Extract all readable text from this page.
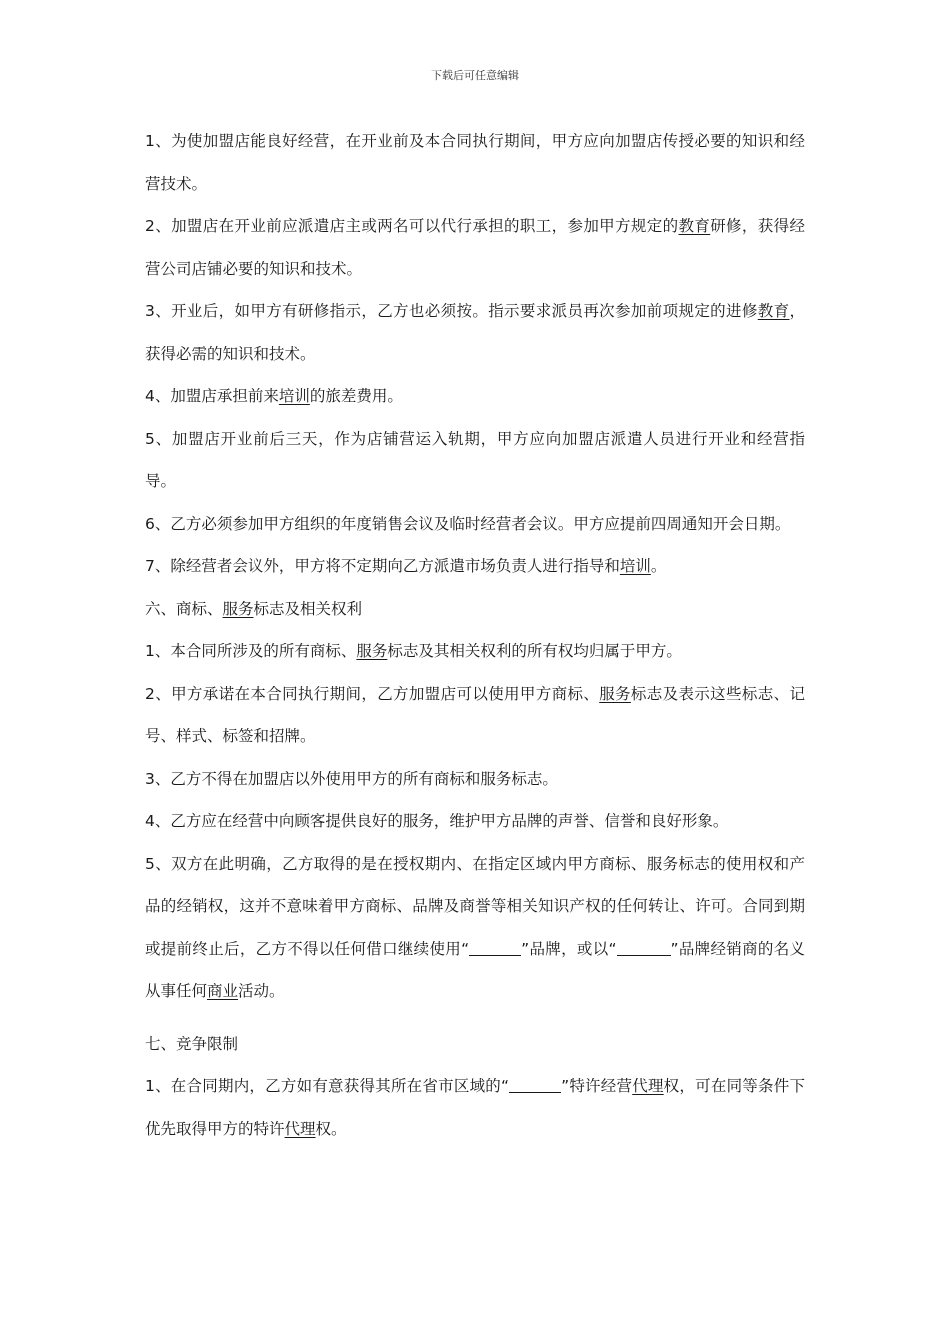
下载后可任意编辑

1、为使加盟店能良好经营，在开业前及本合同执行期间，甲方应向加盟店传授必要的知识和经营技术。

2、加盟店在开业前应派遣店主或两名可以代行承担的职工，参加甲方规定的教育研修，获得经营公司店铺必要的知识和技术。

3、开业后，如甲方有研修指示，乙方也必须按。指示要求派员再次参加前项规定的进修教育，获得必需的知识和技术。

4、加盟店承担前来培训的旅差费用。

5、加盟店开业前后三天，作为店铺营运入轨期，甲方应向加盟店派遣人员进行开业和经营指导。

6、乙方必须参加甲方组织的年度销售会议及临时经营者会议。甲方应提前四周通知开会日期。

7、除经营者会议外，甲方将不定期向乙方派遣市场负责人进行指导和培训。

六、商标、服务标志及相关权利

1、本合同所涉及的所有商标、服务标志及其相关权利的所有权均归属于甲方。

2、甲方承诺在本合同执行期间，乙方加盟店可以使用甲方商标、服务标志及表示这些标志、记号、样式、标签和招牌。

3、乙方不得在加盟店以外使用甲方的所有商标和服务标志。

4、乙方应在经营中向顾客提供良好的服务，维护甲方品牌的声誉、信誉和良好形象。

5、双方在此明确，乙方取得的是在授权期内、在指定区域内甲方商标、服务标志的使用权和产品的经销权，这并不意味着甲方商标、品牌及商誉等相关知识产权的任何转让、许可。合同到期或提前终止后，乙方不得以任何借口继续使用“	”品牌，或以“	”品牌经销商的名义从事任何商业活动。

七、竞争限制

1、在合同期内，乙方如有意获得其所在省市区域的“	”特许经营代理权，可在同等条件下优先取得甲方的特许代理权。
